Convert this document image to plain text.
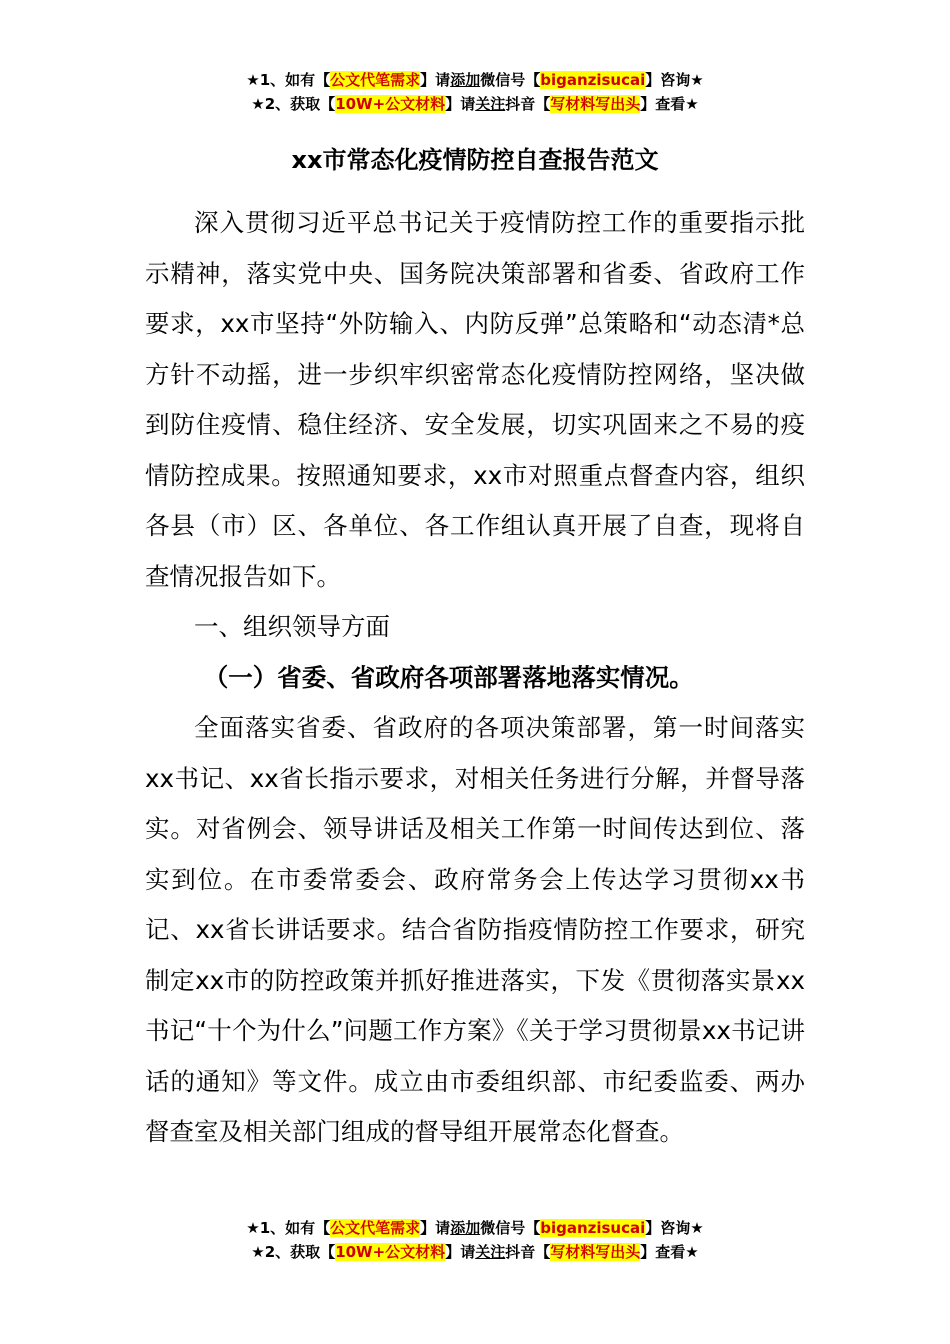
★1、如有【公文代笔需求】请添加微信号【biganzisucai】咨询★
★2、获取【10W+公文材料】请关注抖音【写材料写出头】查看★
xx市常态化疫情防控自查报告范文

深入贯彻习近平总书记关于疫情防控工作的重要指示批示精神，落实党中央、国务院决策部署和省委、省政府工作要求，xx市坚持“外防输入、内防反弹”总策略和“动态清*总方针不动摇，进一步织牢织密常态化疫情防控网络，坚决做到防住疫情、稳住经济、安全发展，切实巩固来之不易的疫情防控成果。按照通知要求，xx市对照重点督查内容，组织各县（市）区、各单位、各工作组认真开展了自查，现将自查情况报告如下。

一、组织领导方面

（一）省委、省政府各项部署落地落实情况。

全面落实省委、省政府的各项决策部署，第一时间落实xx书记、xx省长指示要求，对相关任务进行分解，并督导落实。对省例会、领导讲话及相关工作第一时间传达到位、落实到位。在市委常委会、政府常务会上传达学习贯彻xx书记、xx省长讲话要求。结合省防指疫情防控工作要求，研究制定xx市的防控政策并抓好推进落实，下发《贯彻落实景xx书记“十个为什么”问题工作方案》《关于学习贯彻景xx书记讲话的通知》等文件。成立由市委组织部、市纪委监委、两办督查室及相关部门组成的督导组开展常态化督查。

★1、如有【公文代笔需求】请添加微信号【biganzisucai】咨询★
★2、获取【10W+公文材料】请关注抖音【写材料写出头】查看★
